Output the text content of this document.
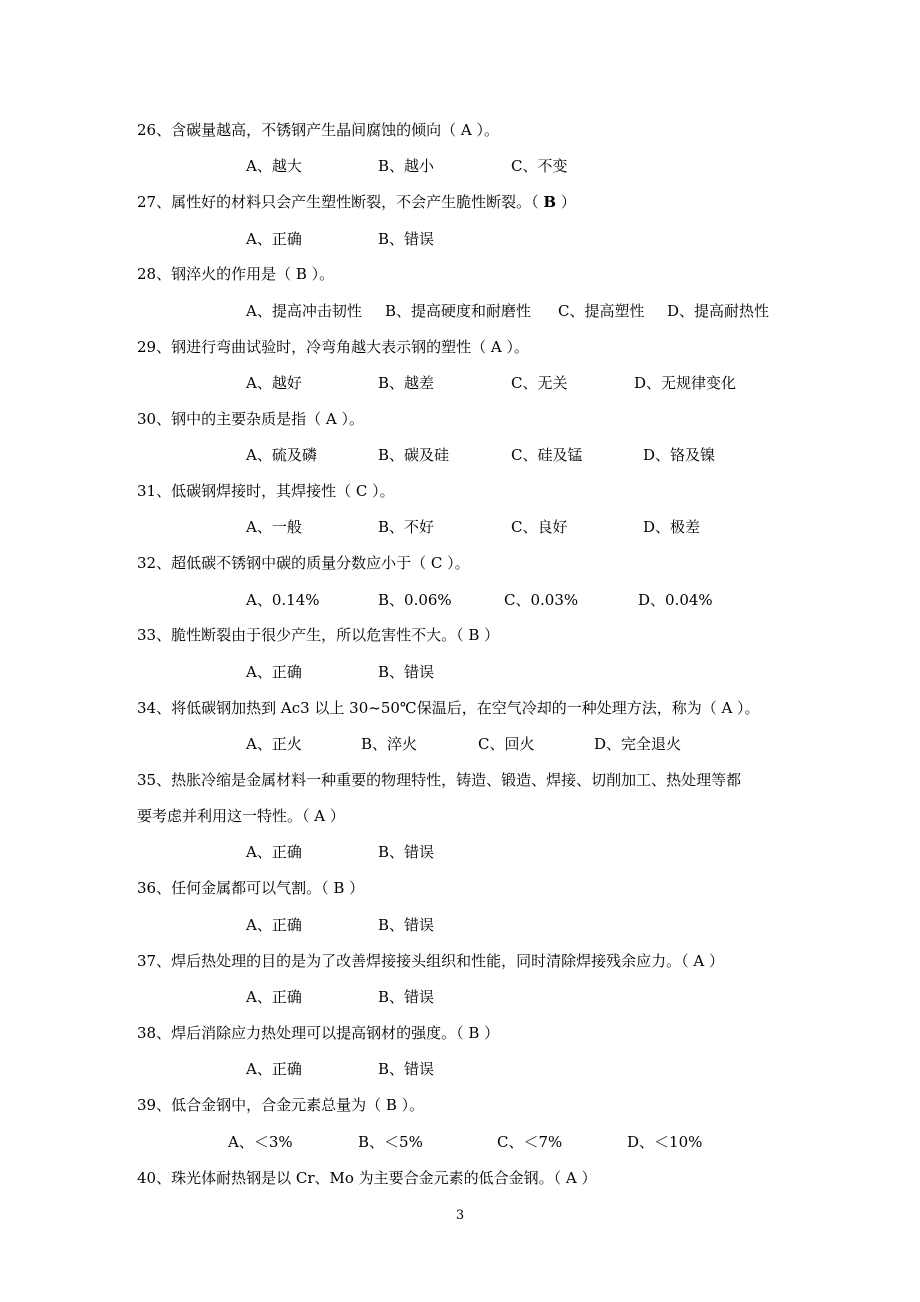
26、含碳量越高，不锈钢产生晶间腐蚀的倾向（ A ）。
A、越大	B、越小	C、不变
27、属性好的材料只会产生塑性断裂，不会产生脆性断裂。（ B ）
A、正确	B、错误
28、钢淬火的作用是（ B ）。
A、提高冲击韧性 B、提高硬度和耐磨性 C、提高塑性 D、提高耐热性
29、钢进行弯曲试验时，冷弯角越大表示钢的塑性（ A ）。
A、越好	B、越差	C、无关	D、无规律变化
30、钢中的主要杂质是指（ A ）。
A、硫及磷	B、碳及硅	C、硅及锰	D、铬及镍
31、低碳钢焊接时，其焊接性（ C ）。
A、一般	B、不好	C、良好	D、极差
32、超低碳不锈钢中碳的质量分数应小于（ C ）。
A、0.14%	B、0.06%	C、0.03%	D、0.04%
33、脆性断裂由于很少产生，所以危害性不大。（ B ）
A、正确	B、错误
34、将低碳钢加热到 Ac3 以上 30~50℃保温后，在空气冷却的一种处理方法，称为（ A ）。
A、正火	B、淬火	C、回火	D、完全退火
35、热胀冷缩是金属材料一种重要的物理特性，铸造、锻造、焊接、切削加工、热处理等都
要考虑并利用这一特性。（ A ）
A、正确	B、错误
36、任何金属都可以气割。（ B ）
A、正确	B、错误
37、焊后热处理的目的是为了改善焊接接头组织和性能，同时清除焊接残余应力。（ A ）
A、正确	B、错误
38、焊后消除应力热处理可以提高钢材的强度。（ B ）
A、正确	B、错误
39、低合金钢中，合金元素总量为（ B ）。
A、＜3%	B、＜5%	C、＜7%	D、＜10%
40、珠光体耐热钢是以 Cr、Mo 为主要合金元素的低合金钢。（ A ）
3
